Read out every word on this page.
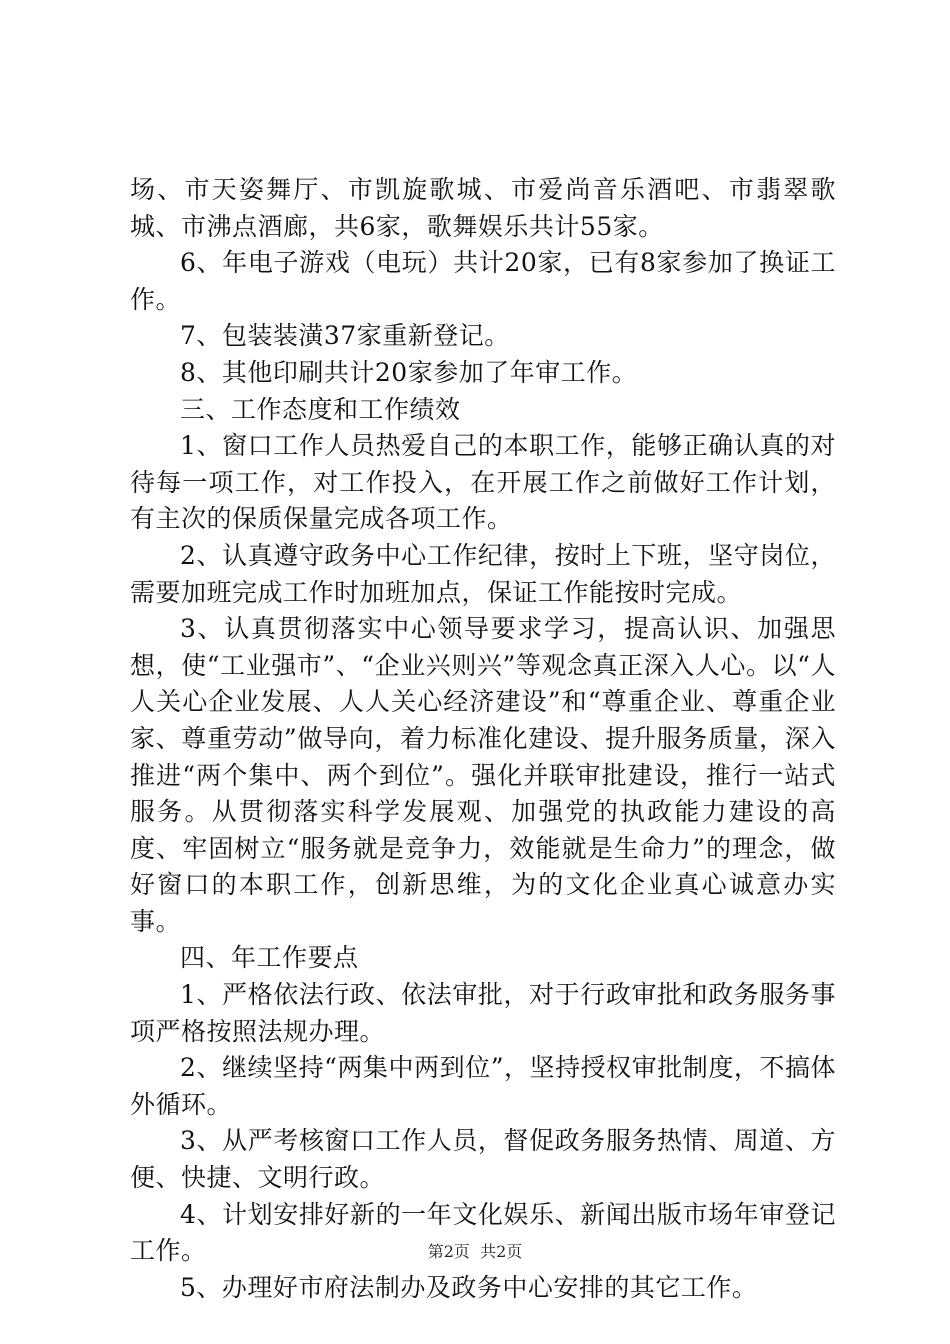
场、市天姿舞厅、市凯旋歌城、市爱尚音乐酒吧、市翡翠歌城、市沸点酒廊，共6家，歌舞娱乐共计55家。

6、年电子游戏（电玩）共计20家，已有8家参加了换证工作。

7、包装装潢37家重新登记。

8、其他印刷共计20家参加了年审工作。

三、工作态度和工作绩效

1、窗口工作人员热爱自己的本职工作，能够正确认真的对待每一项工作，对工作投入，在开展工作之前做好工作计划，有主次的保质保量完成各项工作。

2、认真遵守政务中心工作纪律，按时上下班，坚守岗位，需要加班完成工作时加班加点，保证工作能按时完成。

3、认真贯彻落实中心领导要求学习，提高认识、加强思想，使“工业强市”、“企业兴则兴”等观念真正深入人心。以“人人关心企业发展、人人关心经济建设”和“尊重企业、尊重企业家、尊重劳动”做导向，着力标准化建设、提升服务质量，深入推进“两个集中、两个到位”。强化并联审批建设，推行一站式服务。从贯彻落实科学发展观、加强党的执政能力建设的高度、牢固树立“服务就是竞争力，效能就是生命力”的理念，做好窗口的本职工作，创新思维，为的文化企业真心诚意办实事。

四、年工作要点

1、严格依法行政、依法审批，对于行政审批和政务服务事项严格按照法规办理。

2、继续坚持“两集中两到位”，坚持授权审批制度，不搞体外循环。

3、从严考核窗口工作人员，督促政务服务热情、周道、方便、快捷、文明行政。

4、计划安排好新的一年文化娱乐、新闻出版市场年审登记工作。

5、办理好市府法制办及政务中心安排的其它工作。

第2页  共2页
